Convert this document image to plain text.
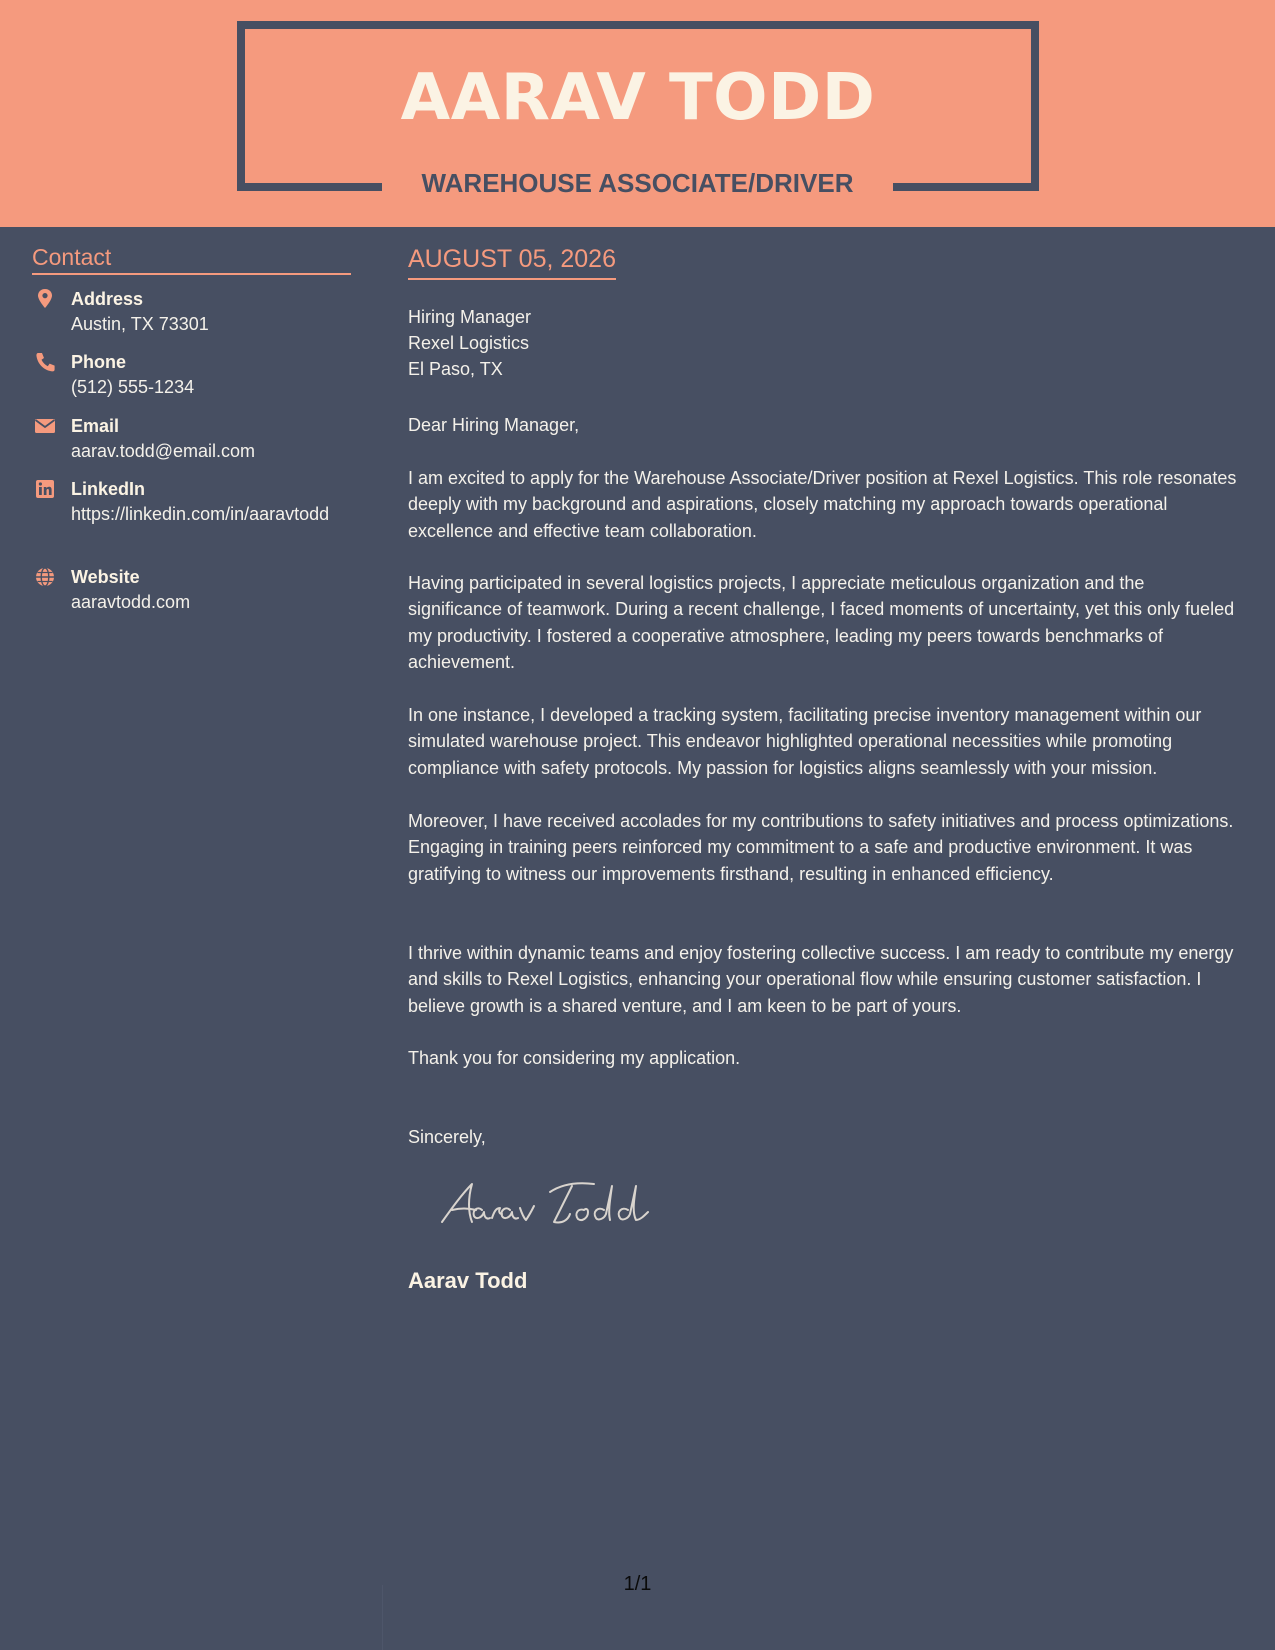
AARAV TODD
WAREHOUSE ASSOCIATE/DRIVER
Contact
Address
Austin, TX 73301
Phone
(512) 555-1234
Email
aarav.todd@email.com
LinkedIn
https://linkedin.com/in/aaravtodd
Website
aaravtodd.com
AUGUST 05, 2026
Hiring Manager
Rexel Logistics
El Paso, TX
Dear Hiring Manager,

I am excited to apply for the Warehouse Associate/Driver position at Rexel Logistics. This role resonates deeply with my background and aspirations, closely matching my approach towards operational excellence and effective team collaboration.

Having participated in several logistics projects, I appreciate meticulous organization and the significance of teamwork. During a recent challenge, I faced moments of uncertainty, yet this only fueled my productivity. I fostered a cooperative atmosphere, leading my peers towards benchmarks of achievement.

In one instance, I developed a tracking system, facilitating precise inventory management within our simulated warehouse project. This endeavor highlighted operational necessities while promoting compliance with safety protocols. My passion for logistics aligns seamlessly with your mission.

Moreover, I have received accolades for my contributions to safety initiatives and process optimizations. Engaging in training peers reinforced my commitment to a safe and productive environment. It was gratifying to witness our improvements firsthand, resulting in enhanced efficiency.

I thrive within dynamic teams and enjoy fostering collective success. I am ready to contribute my energy and skills to Rexel Logistics, enhancing your operational flow while ensuring customer satisfaction. I believe growth is a shared venture, and I am keen to be part of yours.

Thank you for considering my application.

Sincerely,
Aarav Todd
1/1
